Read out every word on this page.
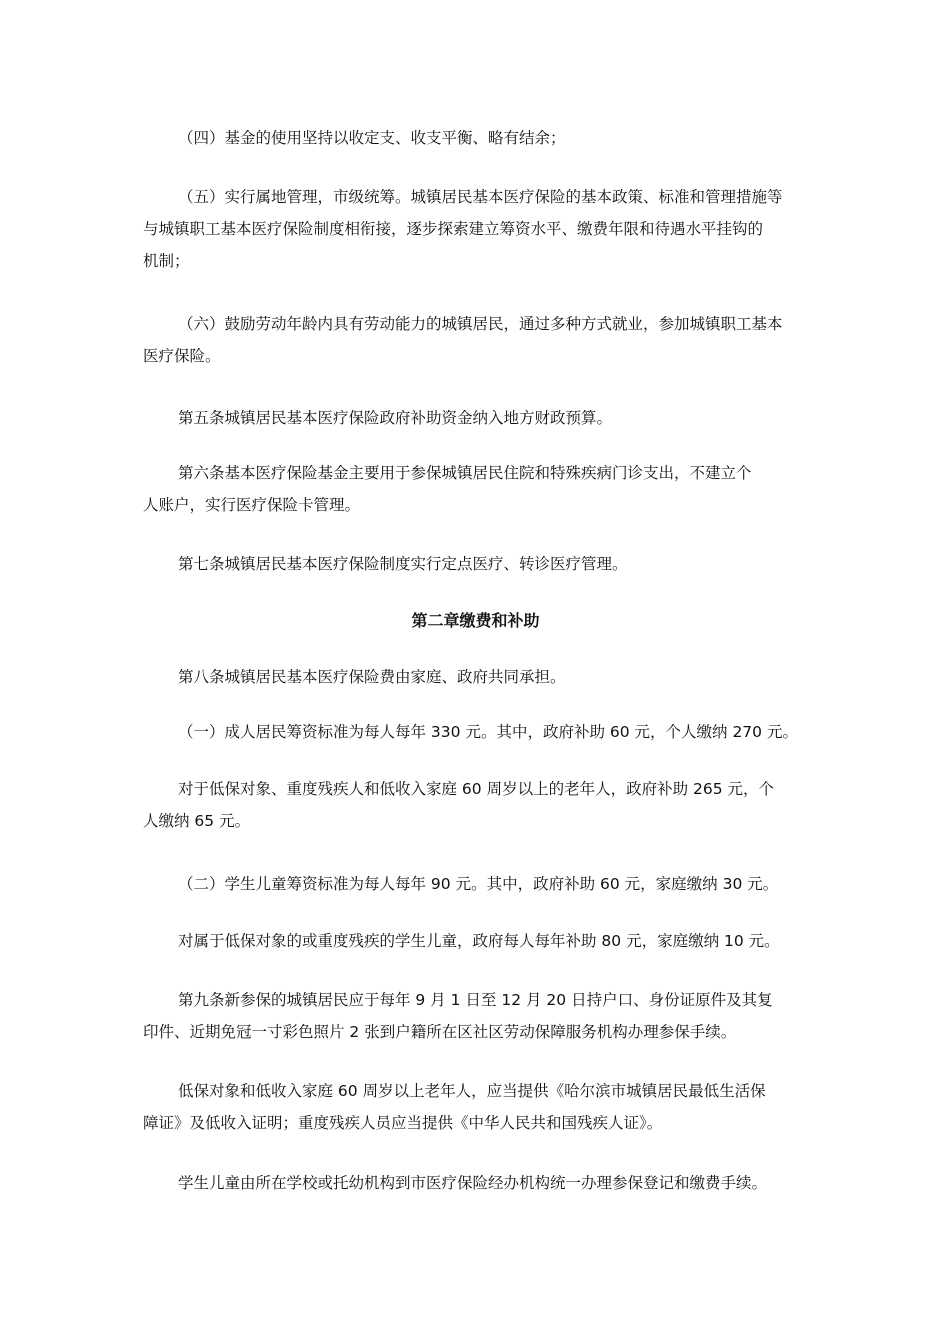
（四）基金的使用坚持以收定支、收支平衡、略有结余；

（五）实行属地管理，市级统筹。城镇居民基本医疗保险的基本政策、标准和管理措施等
与城镇职工基本医疗保险制度相衔接，逐步探索建立筹资水平、缴费年限和待遇水平挂钩的
机制；

（六）鼓励劳动年龄内具有劳动能力的城镇居民，通过多种方式就业，参加城镇职工基本
医疗保险。

第五条城镇居民基本医疗保险政府补助资金纳入地方财政预算。

第六条基本医疗保险基金主要用于参保城镇居民住院和特殊疾病门诊支出，不建立个
人账户，实行医疗保险卡管理。

第七条城镇居民基本医疗保险制度实行定点医疗、转诊医疗管理。

第二章缴费和补助

第八条城镇居民基本医疗保险费由家庭、政府共同承担。

（一）成人居民筹资标准为每人每年 330 元。其中，政府补助 60 元，个人缴纳 270 元。

对于低保对象、重度残疾人和低收入家庭 60 周岁以上的老年人，政府补助 265 元，个
人缴纳 65 元。

（二）学生儿童筹资标准为每人每年 90 元。其中，政府补助 60 元，家庭缴纳 30 元。

对属于低保对象的或重度残疾的学生儿童，政府每人每年补助 80 元，家庭缴纳 10 元。

第九条新参保的城镇居民应于每年 9 月 1 日至 12 月 20 日持户口、身份证原件及其复
印件、近期免冠一寸彩色照片 2 张到户籍所在区社区劳动保障服务机构办理参保手续。

低保对象和低收入家庭 60 周岁以上老年人，应当提供《哈尔滨市城镇居民最低生活保
障证》及低收入证明；重度残疾人员应当提供《中华人民共和国残疾人证》。

学生儿童由所在学校或托幼机构到市医疗保险经办机构统一办理参保登记和缴费手续。
